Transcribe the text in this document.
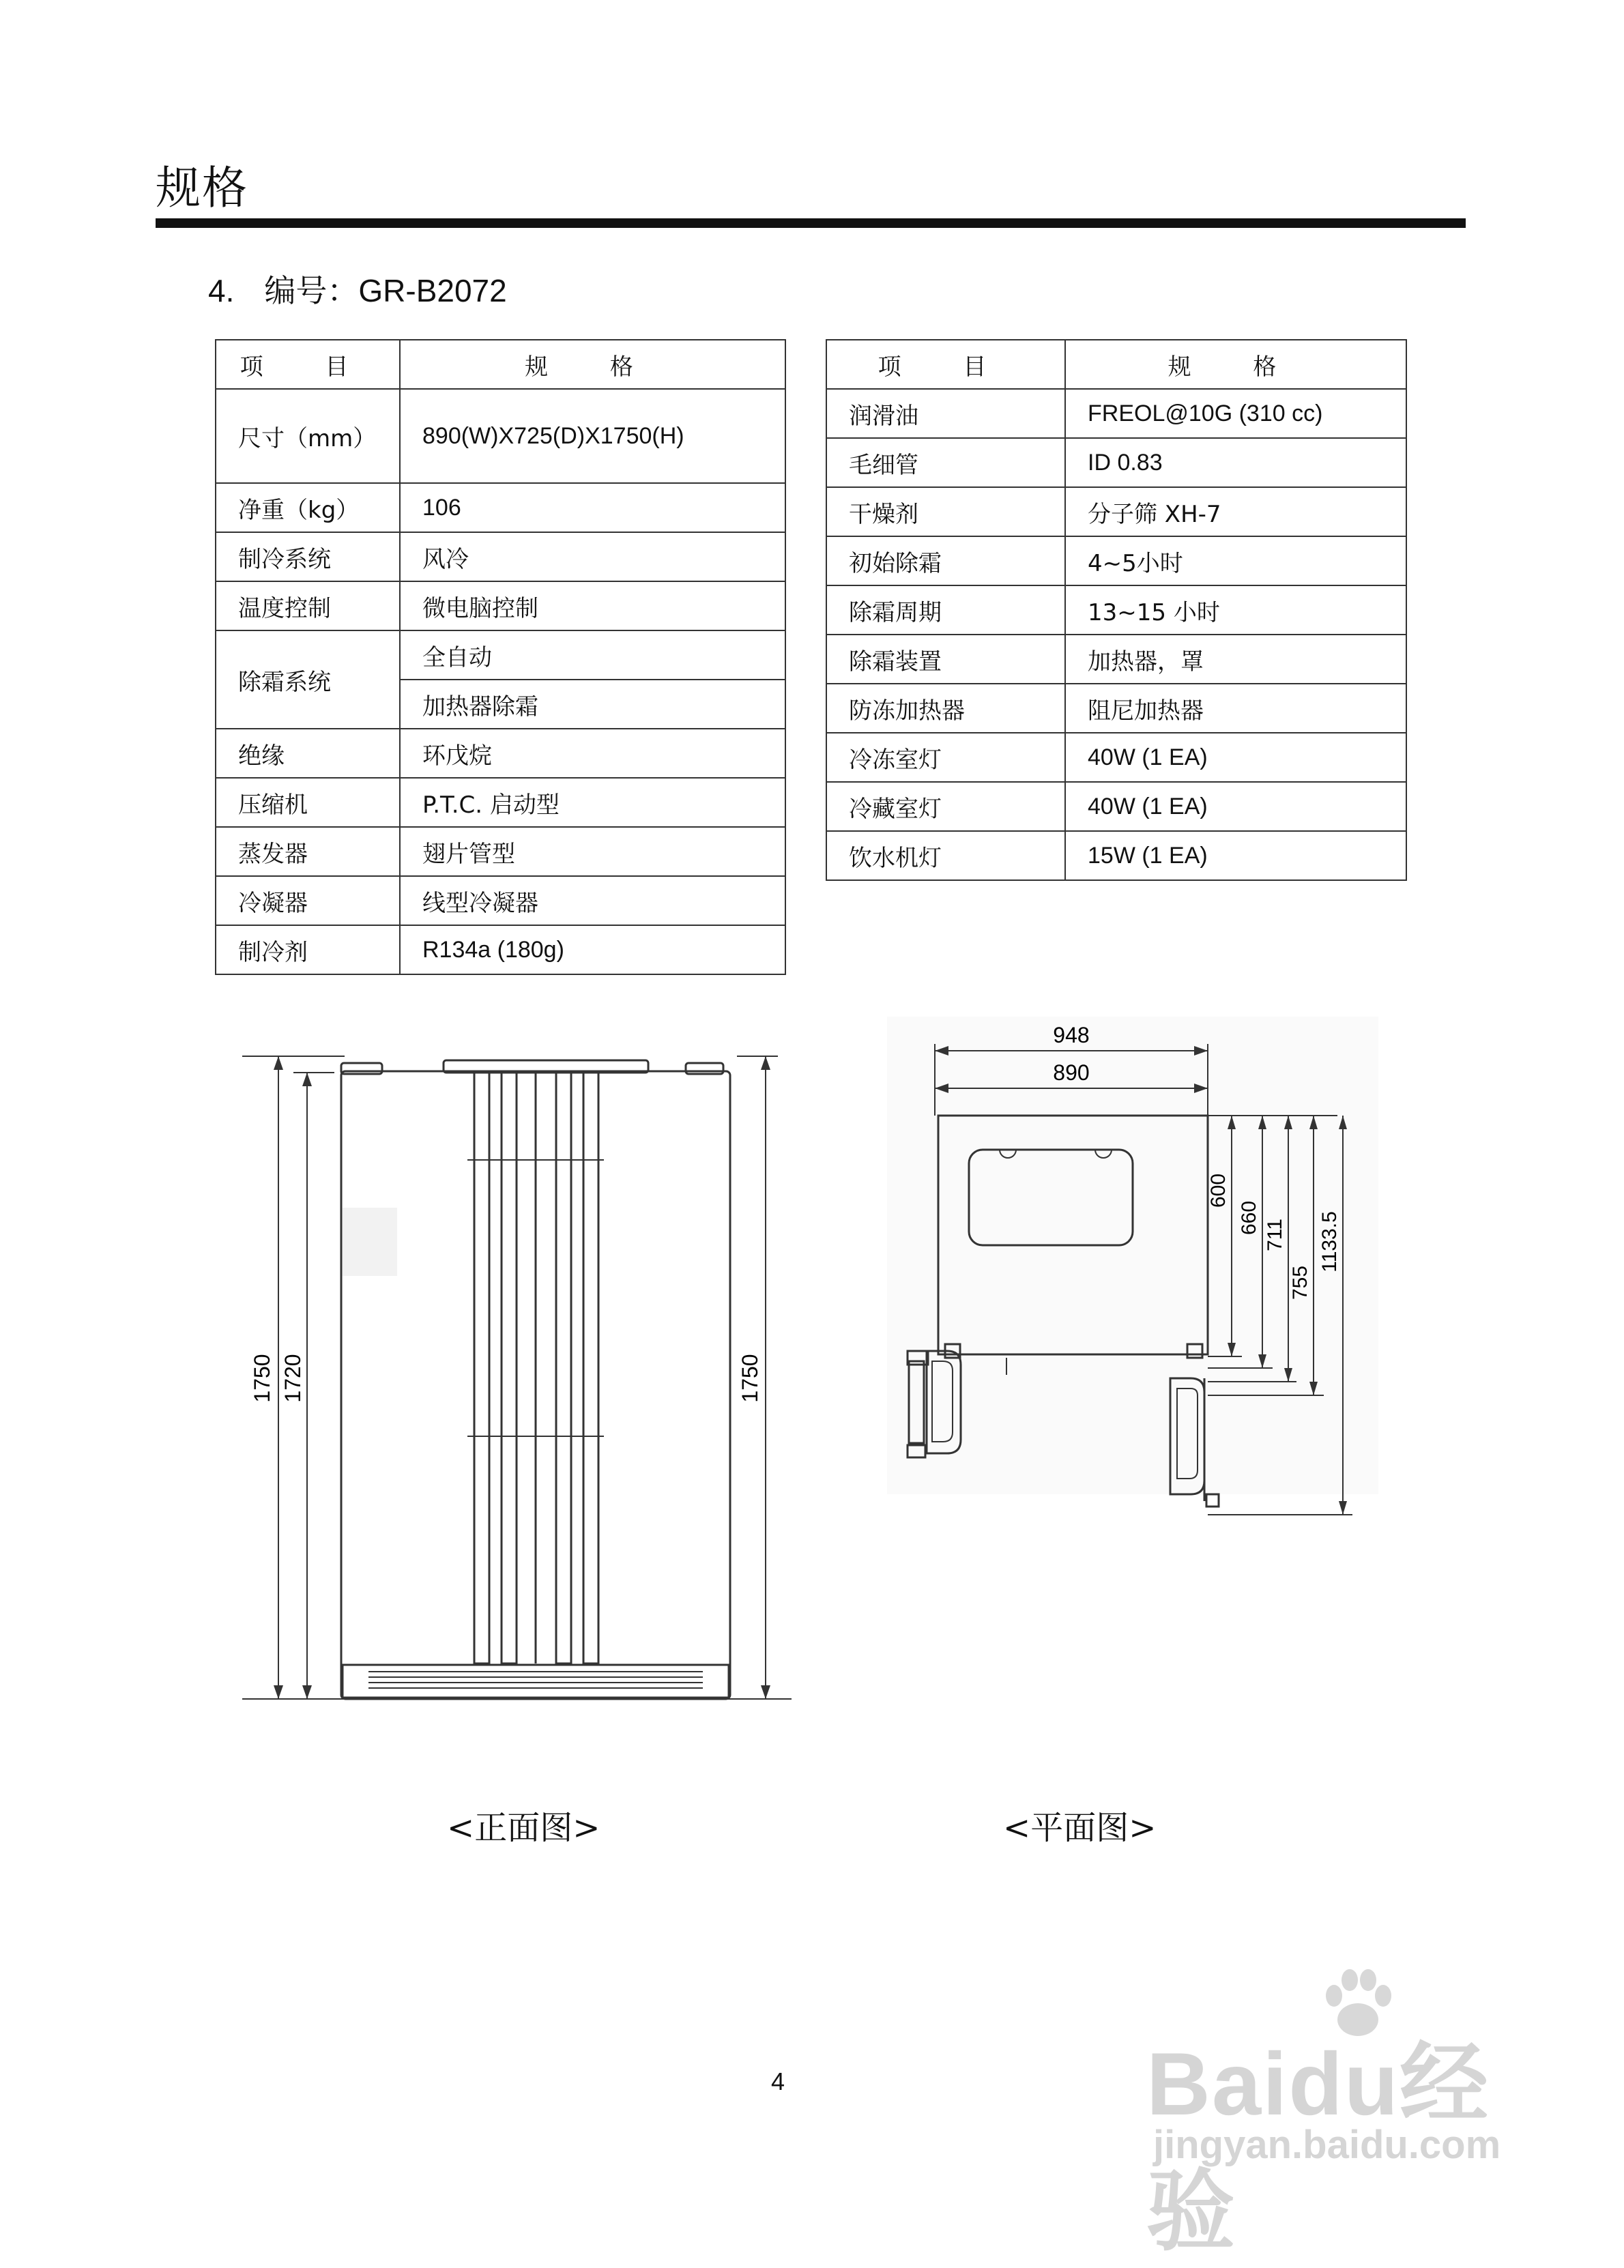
规格
4. 编号：GR-B2072
项 目	规 格
尺寸（mm）	890(W)X725(D)X1750(H)
净重（kg）	106
制冷系统	风冷
温度控制	微电脑控制
除霜系统	全自动
	加热器除霜
绝缘	环戊烷
压缩机	P.T.C. 启动型
蒸发器	翅片管型
冷凝器	线型冷凝器
制冷剂	R134a (180g)
项 目	规 格
润滑油	FREOL@10G (310 cc)
毛细管	ID 0.83
干燥剂	分子筛 XH-7
初始除霜	4~5小时
除霜周期	13~15 小时
除霜装置	加热器，罩
防冻加热器	阻尼加热器
冷冻室灯	40W (1 EA)
冷藏室灯	40W (1 EA)
饮水机灯	15W (1 EA)
1750 1720	1750
948
890
600
660 711
755
1133.5
<正面图>	<平面图>
4	Baidu经验
jingyan.baidu.com
